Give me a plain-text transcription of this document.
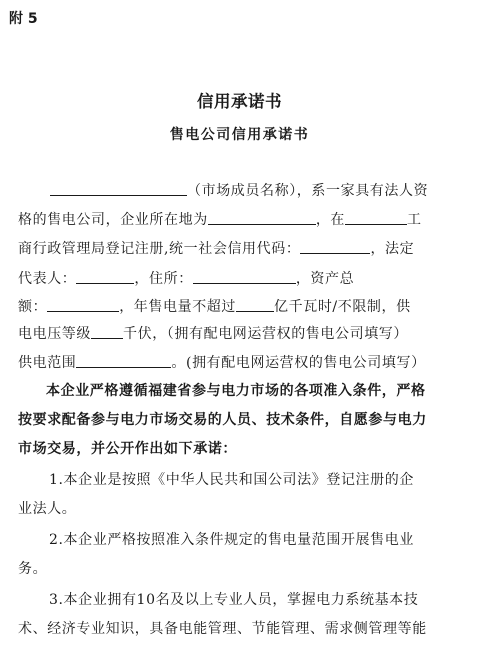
附 5
信用承诺书
售电公司信用承诺书
（市场成员名称），系一家具有法人资
格的售电公司，企业所在地为	，在	工
商行政管理局登记注册,统一社会信用代码：	，法定
代表人：	，住所：	，资产总
额：	，年售电量不超过	亿千瓦时/不限制，供
电电压等级 千伏，（拥有配电网运营权的售电公司填写）
供电范围	。(拥有配电网运营权的售电公司填写）
本企业严格遵循福建省参与电力市场的各项准入条件，严格
按要求配备参与电力市场交易的人员、技术条件，自愿参与电力
市场交易，并公开作出如下承诺：
1.本企业是按照《中华人民共和国公司法》登记注册的企
业法人。
2.本企业严格按照准入条件规定的售电量范围开展售电业
务。
3.本企业拥有10名及以上专业人员，掌握电力系统基本技
术、经济专业知识，具备电能管理、节能管理、需求侧管理等能
